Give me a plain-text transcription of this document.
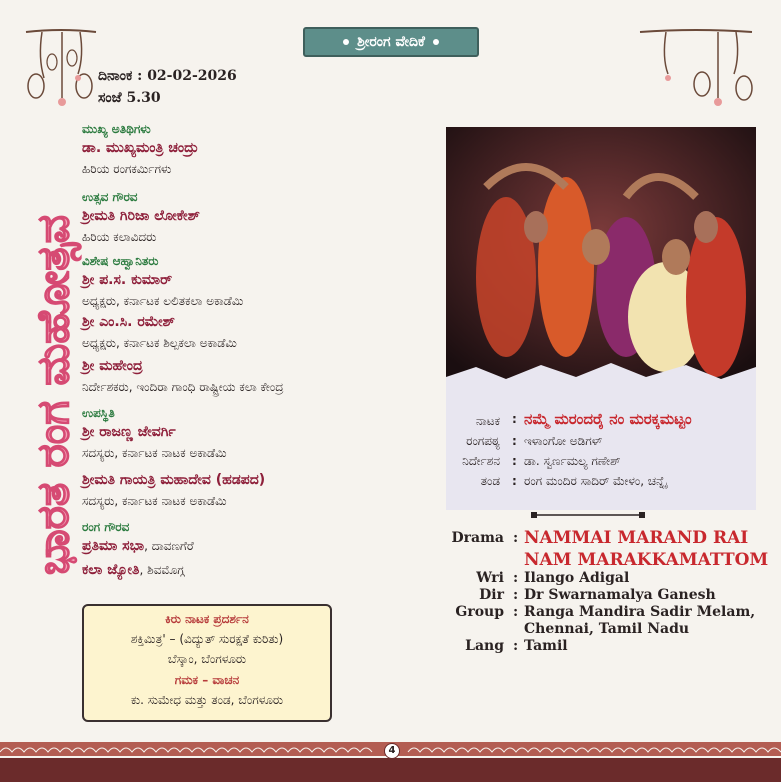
ಶ್ರೀರಂಗ ವೇದಿಕೆ
ದಿನಾಂಕ : 02-02-2026
ಸಂಜೆ 5.30
ಭಾರತ ರಂಗ ಮಹೋತ್ಸವ
ಮುಖ್ಯ ಅತಿಥಿಗಳು
ಡಾ. ಮುಖ್ಯಮಂತ್ರಿ ಚಂದ್ರು
ಹಿರಿಯ ರಂಗಕರ್ಮಿಗಳು
ಉತ್ಸವ ಗೌರವ
ಶ್ರೀಮತಿ ಗಿರಿಜಾ ಲೋಕೇಶ್
ಹಿರಿಯ ಕಲಾವಿದರು
ವಿಶೇಷ ಆಹ್ವಾನಿತರು
ಶ್ರೀ ಪ.ಸ. ಕುಮಾರ್
ಅಧ್ಯಕ್ಷರು, ಕರ್ನಾಟಕ ಲಲಿತಕಲಾ ಅಕಾಡೆಮಿ
ಶ್ರೀ ಎಂ.ಸಿ. ರಮೇಶ್
ಅಧ್ಯಕ್ಷರು, ಕರ್ನಾಟಕ ಶಿಲ್ಪಕಲಾ ಅಕಾಡೆಮಿ
ಶ್ರೀ ಮಹೇಂದ್ರ
ನಿರ್ದೇಶಕರು, ಇಂದಿರಾ ಗಾಂಧಿ ರಾಷ್ಟ್ರೀಯ ಕಲಾ ಕೇಂದ್ರ
ಉಪಸ್ಥಿತಿ
ಶ್ರೀ ರಾಜಣ್ಣ ಜೇವರ್ಗಿ
ಸದಸ್ಯರು, ಕರ್ನಾಟಕ ನಾಟಕ ಅಕಾಡೆಮಿ
ಶ್ರೀಮತಿ ಗಾಯತ್ರಿ ಮಹಾದೇವ (ಹಡಪದ)
ಸದಸ್ಯರು, ಕರ್ನಾಟಕ ನಾಟಕ ಅಕಾಡೆಮಿ
ರಂಗ ಗೌರವ
ಪ್ರತಿಮಾ ಸಭಾ, ದಾವಣಗೆರೆ
ಕಲಾ ಜ್ಯೋತಿ, ಶಿವಮೊಗ್ಗ
ಕಿರು ನಾಟಕ ಪ್ರದರ್ಶನ
ಶಕ್ತಿಮಿತ್ರ' – (ವಿದ್ಯುತ್ ಸುರಕ್ಷತೆ ಕುರಿತು)
ಬೆಸ್ಕಾಂ, ಬೆಂಗಳೂರು
ಗಮಕ – ವಾಚನ
ಕು. ಸುಮೇಧ ಮತ್ತು ತಂಡ, ಬೆಂಗಳೂರು
ನಾಟಕ : ನಮ್ಮೆ ಮರಂದರೈ ನಂ ಮರಕ್ಕಮಟ್ಟಂ
ರಂಗಪಠ್ಯ : ಇಳಾಂಗೋ ಅಡಿಗಳ್
ನಿರ್ದೇಶನ : ಡಾ. ಸ್ವರ್ಣಮಲ್ಯ ಗಣೇಶ್
ತಂಡ : ರಂಗ ಮಂದಿರ ಸಾದಿರ್ ಮೇಳಂ, ಚನ್ನೈ
Drama : NAMMAI MARAND RAI
NAM MARAKKAMATTOM
Wri : Ilango Adigal
Dir : Dr Swarnamalya Ganesh
Group : Ranga Mandira Sadir Melam,
Chennai, Tamil Nadu
Lang : Tamil
4
